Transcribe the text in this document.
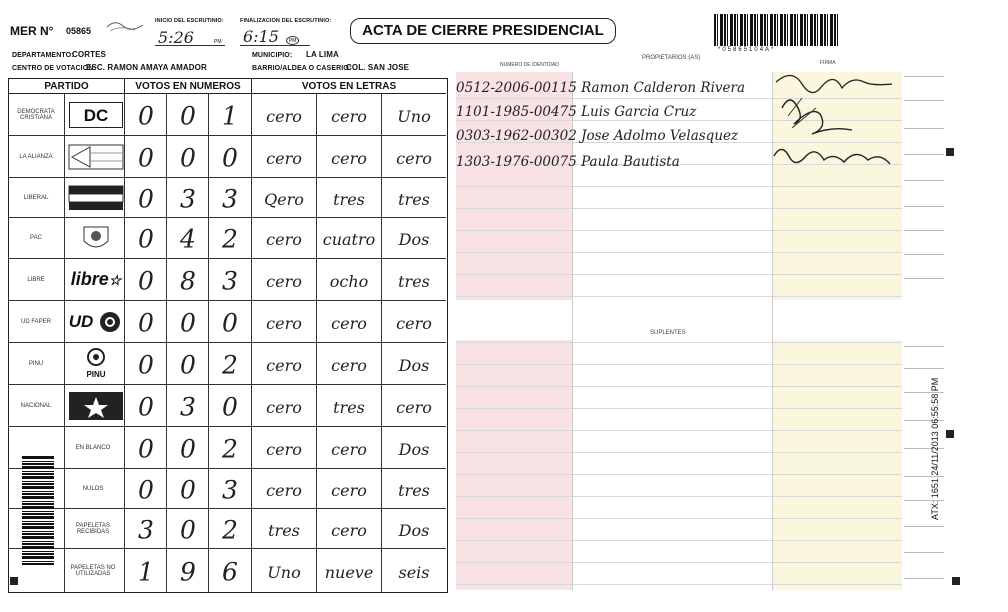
MER N° 05865
INICIO DEL ESCRUTINIO:
5:26	PM
FINALIZACION DEL ESCRUTINIO:
6:15	PM
ACTA DE CIERRE PRESIDENCIAL
*05865104A*
DEPARTAMENTO:
CORTES	MUNICIPIO: LA LIMA
CENTRO DE VOTACION:
ESC. RAMON AMAYA AMADOR	BARRIO/ALDEA O CASERIO:
COL. SAN JOSE
PARTIDO	VOTOS EN NUMEROS	VOTOS EN LETRAS
DEMOCRATA CRISTIANA	DC	0	0	1	cero	cero	Uno
LA ALIANZA	0	0	0	cero	cero	cero
LIBERAL	0	3	3	Qero	tres	tres
PAC	0	4	2	cero	cuatro	Dos
LIBRE	libre☆ 0	8	3	cero	ocho	tres
UD FAPER	UD	0	0	0	cero	cero	cero
PINU
PINU	0	0	2	cero	cero	Dos
NACIONAL	0	3	0	cero	tres	cero
EN BLANCO	0	0	2	cero	cero	Dos
NULOS	0	0	3	cero	cero	tres
PAPELETAS RECIBIDAS	3	0	2	tres	cero	Dos
PAPELETAS NO UTILIZADAS	1	9	6	Uno	nueve	seis
NUMERO DE IDENTIDAD
PROPIETARIOS (AS)
FIRMA
SUPLENTES
0512-2006-00115 Ramon Calderon Rivera
1101-1985-00475 Luis Garcia Cruz
0303-1962-00302 Jose Adolmo Velasquez
1303-1976-00075 Paula Bautista
ATX: 1651 24/11/2013 06:55:58 PM
